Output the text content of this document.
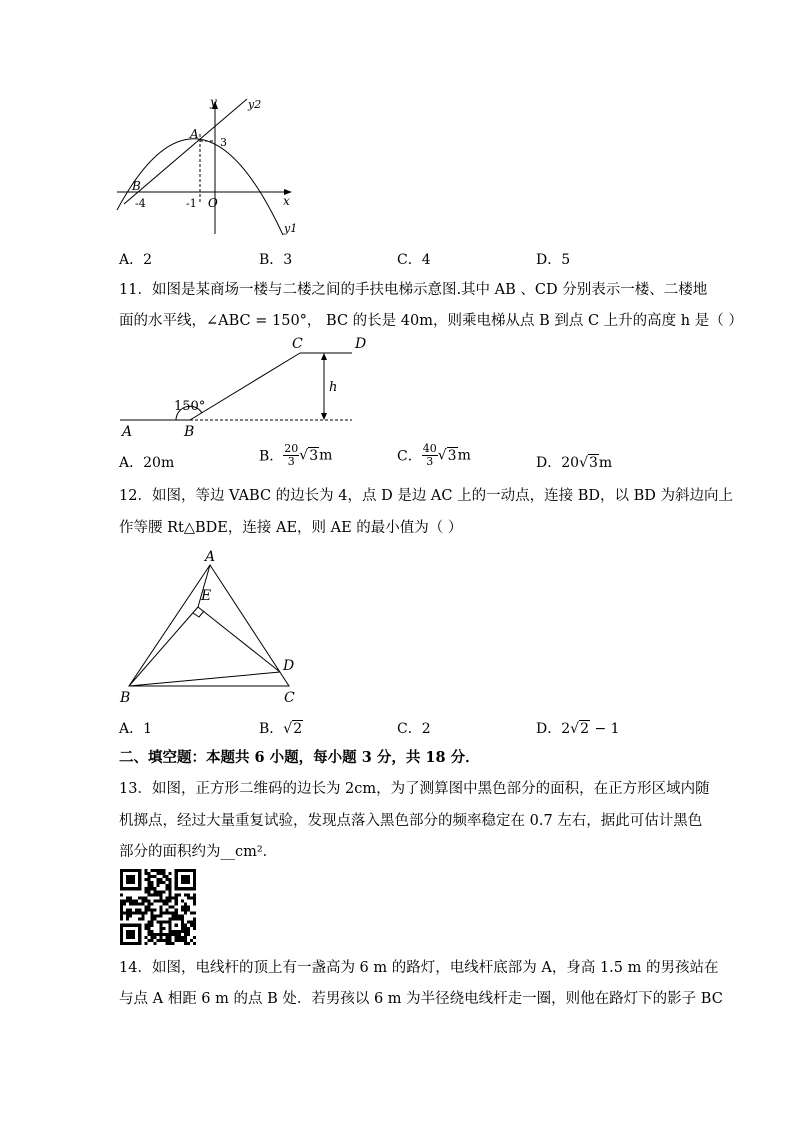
y	y2
x
y1
A
3
B
-4	-1 O
A．2	B．3	C．4	D．5
11．如图是某商场一楼与二楼之间的手扶电梯示意图.其中 AB 、CD 分别表示一楼、二楼地
面的水平线，∠ABC = 150°， BC 的长是 40m，则乘电梯从点 B 到点 C 上升的高度 h 是（ ）
150°
A	B
C	D
h
A．20m	B． $\frac{20}{3} √3m$	C． $\frac{40}{3} √3m$	D．20√3m
12．如图，等边 VABC 的边长为 4，点 D 是边 AC 上的一动点，连接 BD，以 BD 为斜边向上
作等腰 Rt△BDE，连接 AE，则 AE 的最小值为（ ）
A
E
D
B	C
A．1	B．√2	C．2	D．2√2 − 1
二、填空题：本题共 6 小题，每小题 3 分，共 18 分．
13．如图，正方形二维码的边长为 2cm，为了测算图中黑色部分的面积，在正方形区域内随
机掷点，经过大量重复试验，发现点落入黑色部分的频率稳定在 0.7 左右，据此可估计黑色
部分的面积约为__cm²．
14．如图，电线杆的顶上有一盏高为 6 m 的路灯，电线杆底部为 A，身高 1.5 m 的男孩站在
与点 A 相距 6 m 的点 B 处．若男孩以 6 m 为半径绕电线杆走一圈，则他在路灯下的影子 BC
